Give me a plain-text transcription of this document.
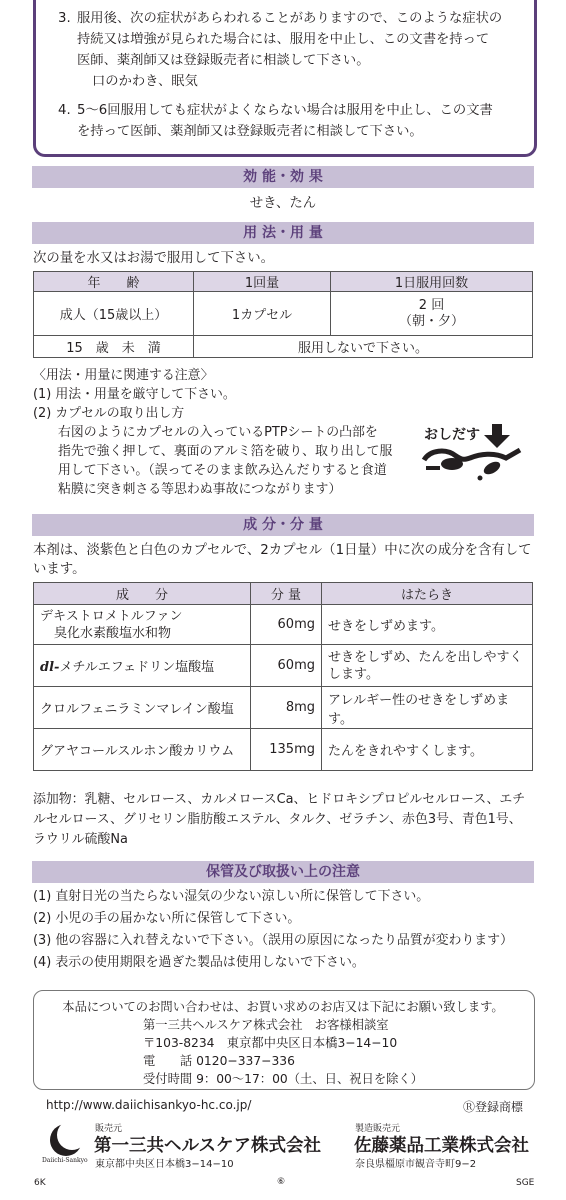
3. 服用後、次の症状があらわれることがありますので、このような症状の
持続又は増強が見られた場合には、服用を中止し、この文書を持って
医師、薬剤師又は登録販売者に相談して下さい。
口のかわき、眠気
4. 5～6回服用しても症状がよくならない場合は服用を中止し、この文書
を持って医師、薬剤師又は登録販売者に相談して下さい。
効 能・効 果
せき、たん
用 法・用 量
次の量を水又はお湯で服用して下さい。
年　　齢	1回量	1日服用回数
成人（15歳以上）	1カプセル	2 回
（朝・夕）
15　歳　未　満	服用しないで下さい。	
〈用法・用量に関連する注意〉
(1) 用法・用量を厳守して下さい。
(2) カプセルの取り出し方
右図のようにカプセルの入っているPTPシートの凸部を
指先で強く押して、裏面のアルミ箔を破り、取り出して服
用して下さい。（誤ってそのまま飲み込んだりすると食道
粘膜に突き刺さる等思わぬ事故につながります）
おしだす
成 分・分 量
本剤は、淡紫色と白色のカプセルで、2カプセル（1日量）中に次の成分を含有して
います。
成　　分	分 量	はたらき
デキストロメトルファン
臭化水素酸塩水和物	60mg	せきをしずめます。
dl-メチルエフェドリン塩酸塩	60mg	せきをしずめ、たんを出しやすく
します。
クロルフェニラミンマレイン酸塩	8mg	アレルギー性のせきをしずめます。
グアヤコールスルホン酸カリウム	135mg	たんをきれやすくします。
添加物：乳糖、セルロース、カルメロースCa、ヒドロキシプロピルセルロース、エチ
ルセルロース、グリセリン脂肪酸エステル、タルク、ゼラチン、赤色3号、青色1号、
ラウリル硫酸Na
保管及び取扱い上の注意
(1) 直射日光の当たらない湿気の少ない涼しい所に保管して下さい。
(2) 小児の手の届かない所に保管して下さい。
(3) 他の容器に入れ替えないで下さい。（誤用の原因になったり品質が変わります）
(4) 表示の使用期限を過ぎた製品は使用しないで下さい。
本品についてのお問い合わせは、お買い求めのお店又は下記にお願い致します。
第一三共ヘルスケア株式会社　お客様相談室
〒103-8234　東京都中央区日本橋3−14−10
電　　話 0120−337−336
受付時間 9：00～17：00（土、日、祝日を除く）
http://www.daiichisankyo-hc.co.jp/	Ⓡ登録商標
Daiichi-Sankyo
販売元
第一三共ヘルスケア株式会社
東京都中央区日本橋3−14−10
製造販売元
佐藤薬品工業株式会社
奈良県橿原市観音寺町9−2
6K	⑥	SGE
